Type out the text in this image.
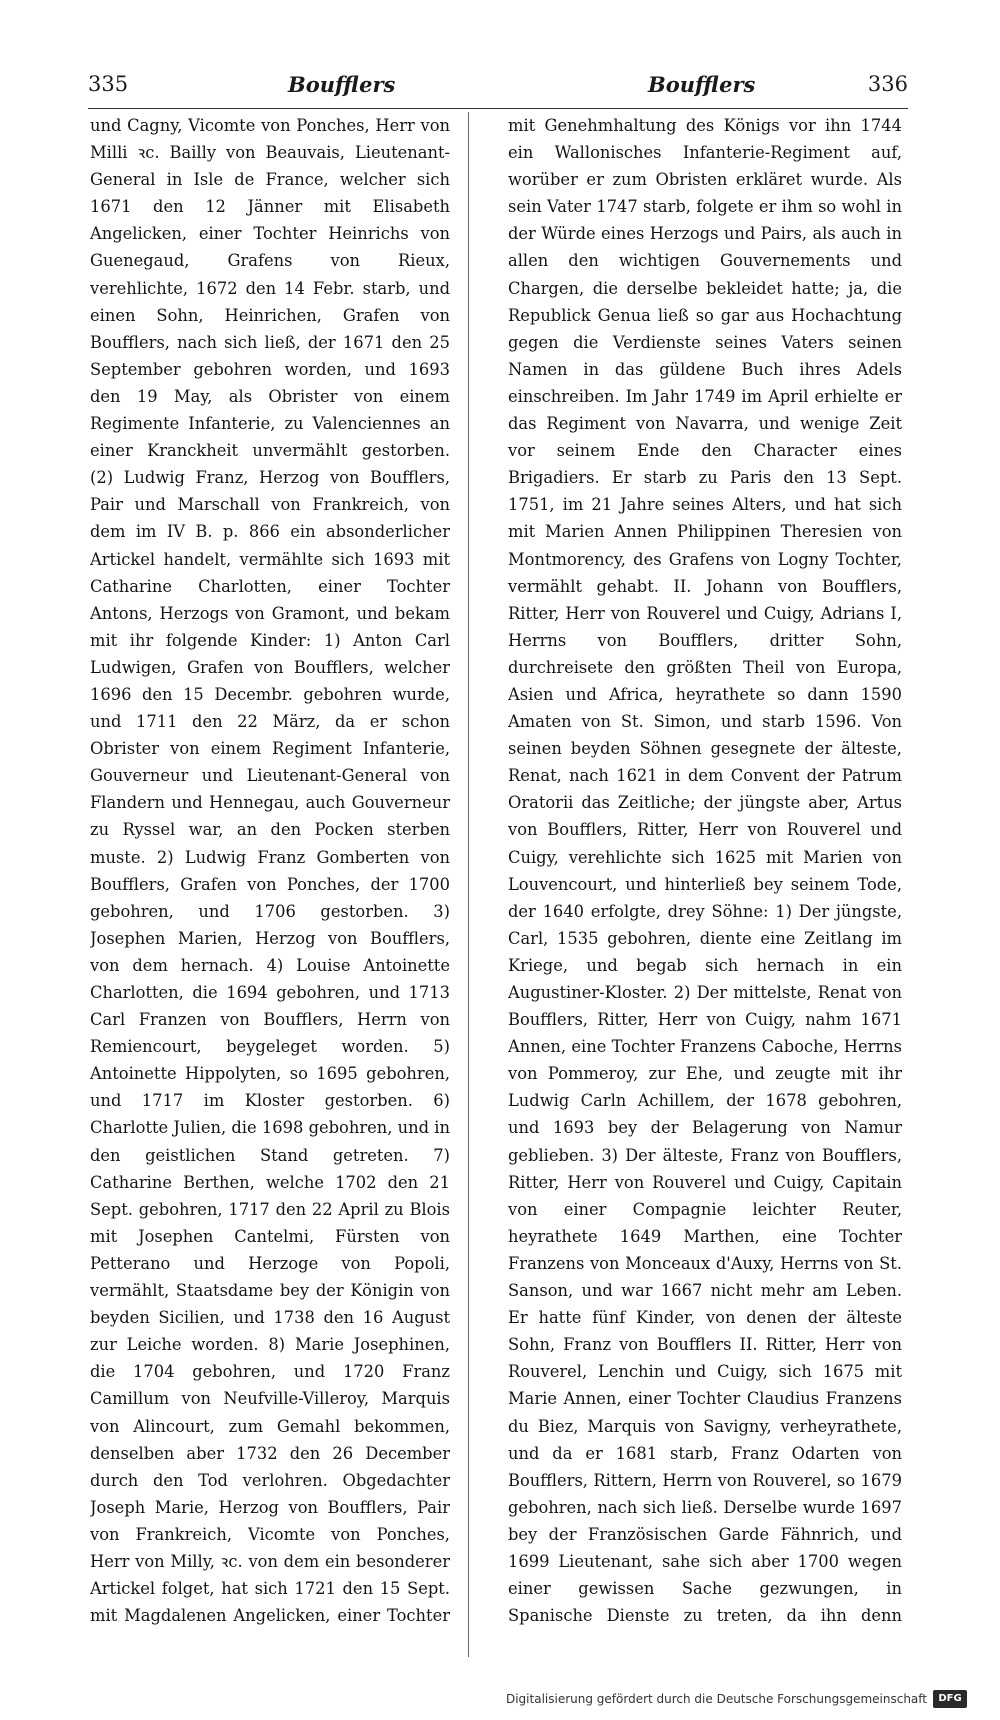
335	Boufflers	Boufflers	336

und Cagny, Vicomte von Ponches, Herr von Milli ꝛc. Bailly von Beauvais, Lieutenant-General in Isle de France, welcher sich 1671 den 12 Jänner mit Elisabeth Angelicken, einer Tochter Heinrichs von Guenegaud, Grafens von Rieux, verehlichte, 1672 den 14 Febr. starb, und einen Sohn, Heinrichen, Grafen von Boufflers, nach sich ließ, der 1671 den 25 September gebohren worden, und 1693 den 19 May, als Obrister von einem Regimente Infanterie, zu Valenciennes an einer Kranckheit unvermählt gestorben. (2) Ludwig Franz, Herzog von Boufflers, Pair und Marschall von Frankreich, von dem im IV B. p. 866 ein absonderlicher Artickel handelt, vermählte sich 1693 mit Catharine Charlotten, einer Tochter Antons, Herzogs von Gramont, und bekam mit ihr folgende Kinder: 1) Anton Carl Ludwigen, Grafen von Boufflers, welcher 1696 den 15 Decembr. gebohren wurde, und 1711 den 22 März, da er schon Obrister von einem Regiment Infanterie, Gouverneur und Lieutenant-General von Flandern und Hennegau, auch Gouverneur zu Ryssel war, an den Pocken sterben muste. 2) Ludwig Franz Gomberten von Boufflers, Grafen von Ponches, der 1700 gebohren, und 1706 gestorben. 3) Josephen Marien, Herzog von Boufflers, von dem hernach. 4) Louise Antoinette Charlotten, die 1694 gebohren, und 1713 Carl Franzen von Boufflers, Herrn von Remiencourt, beygeleget worden. 5) Antoinette Hippolyten, so 1695 gebohren, und 1717 im Kloster gestorben. 6) Charlotte Julien, die 1698 gebohren, und in den geistlichen Stand getreten. 7) Catharine Berthen, welche 1702 den 21 Sept. gebohren, 1717 den 22 April zu Blois mit Josephen Cantelmi, Fürsten von Petterano und Herzoge von Popoli, vermählt, Staatsdame bey der Königin von beyden Sicilien, und 1738 den 16 August zur Leiche worden. 8) Marie Josephinen, die 1704 gebohren, und 1720 Franz Camillum von Neufville-Villeroy, Marquis von Alincourt, zum Gemahl bekommen, denselben aber 1732 den 26 December durch den Tod verlohren. Obgedachter Joseph Marie, Herzog von Boufflers, Pair von Frankreich, Vicomte von Ponches, Herr von Milly, ꝛc. von dem ein besonderer Artickel folget, hat sich 1721 den 15 Sept. mit Magdalenen Angelicken, einer Tochter

mit Genehmhaltung des Königs vor ihn 1744 ein Wallonisches Infanterie-Regiment auf, worüber er zum Obristen erkläret wurde. Als sein Vater 1747 starb, folgete er ihm so wohl in der Würde eines Herzogs und Pairs, als auch in allen den wichtigen Gouvernements und Chargen, die derselbe bekleidet hatte; ja, die Republick Genua ließ so gar aus Hochachtung gegen die Verdienste seines Vaters seinen Namen in das güldene Buch ihres Adels einschreiben. Im Jahr 1749 im April erhielte er das Regiment von Navarra, und wenige Zeit vor seinem Ende den Character eines Brigadiers. Er starb zu Paris den 13 Sept. 1751, im 21 Jahre seines Alters, und hat sich mit Marien Annen Philippinen Theresien von Montmorency, des Grafens von Logny Tochter, vermählt gehabt. II. Johann von Boufflers, Ritter, Herr von Rouverel und Cuigy, Adrians I, Herrns von Boufflers, dritter Sohn, durchreisete den größten Theil von Europa, Asien und Africa, heyrathete so dann 1590 Amaten von St. Simon, und starb 1596. Von seinen beyden Söhnen gesegnete der älteste, Renat, nach 1621 in dem Convent der Patrum Oratorii das Zeitliche; der jüngste aber, Artus von Boufflers, Ritter, Herr von Rouverel und Cuigy, verehlichte sich 1625 mit Marien von Louvencourt, und hinterließ bey seinem Tode, der 1640 erfolgte, drey Söhne: 1) Der jüngste, Carl, 1535 gebohren, diente eine Zeitlang im Kriege, und begab sich hernach in ein Augustiner-Kloster. 2) Der mittelste, Renat von Boufflers, Ritter, Herr von Cuigy, nahm 1671 Annen, eine Tochter Franzens Caboche, Herrns von Pommeroy, zur Ehe, und zeugte mit ihr Ludwig Carln Achillem, der 1678 gebohren, und 1693 bey der Belagerung von Namur geblieben. 3) Der älteste, Franz von Boufflers, Ritter, Herr von Rouverel und Cuigy, Capitain von einer Compagnie leichter Reuter, heyrathete 1649 Marthen, eine Tochter Franzens von Monceaux d'Auxy, Herrns von St. Sanson, und war 1667 nicht mehr am Leben. Er hatte fünf Kinder, von denen der älteste Sohn, Franz von Boufflers II. Ritter, Herr von Rouverel, Lenchin und Cuigy, sich 1675 mit Marie Annen, einer Tochter Claudius Franzens du Biez, Marquis von Savigny, verheyrathete, und da er 1681 starb, Franz Odarten von Boufflers, Rittern, Herrn von Rouverel, so 1679 gebohren, nach sich ließ. Derselbe wurde 1697 bey der Französischen Garde Fähnrich, und 1699 Lieutenant, sahe sich aber 1700 wegen einer gewissen Sache gezwungen, in Spanische Dienste zu treten, da ihn denn

Digitalisierung gefördert durch die Deutsche Forschungsgemeinschaft	DFG
